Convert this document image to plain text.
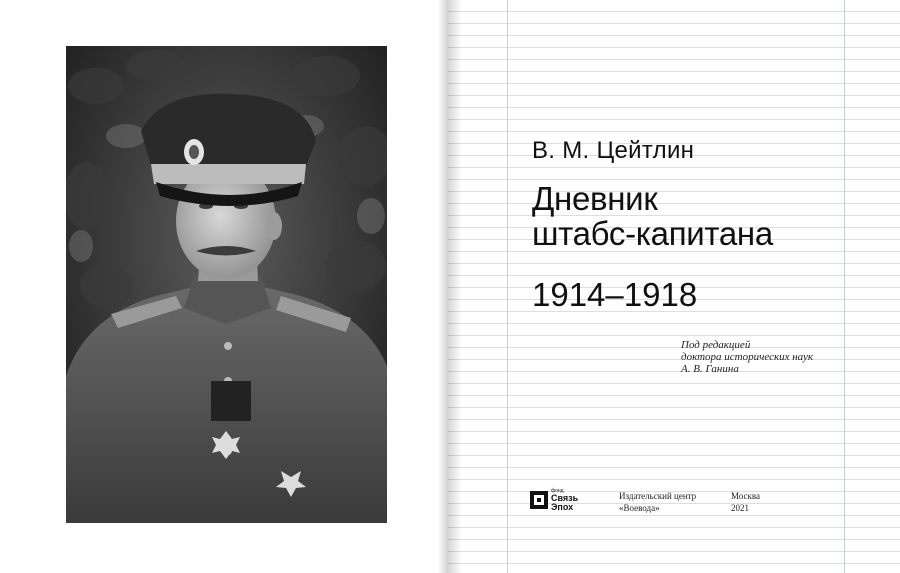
В. М. Цейтлин
Дневник
штабс-капитана
1914–1918
Под редакцией
доктора исторических наук
А. В. Ганина
фонд
Связь
Эпох
Издательский центр
«Воевода»
Москва
2021
